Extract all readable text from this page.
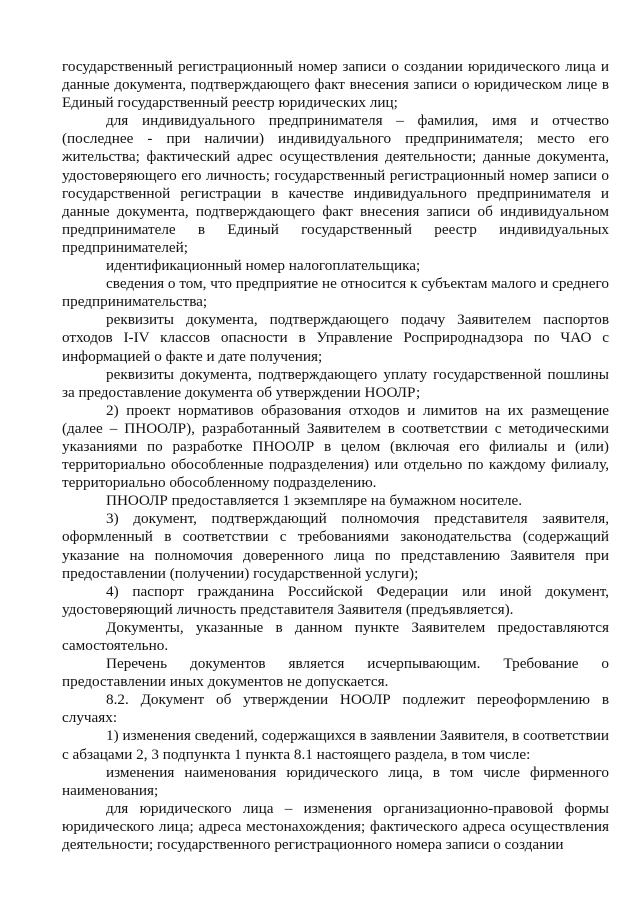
государственный регистрационный номер записи о создании юридического лица и данные документа, подтверждающего факт внесения записи о юридическом лице в Единый государственный реестр юридических лиц;

для индивидуального предпринимателя – фамилия, имя и отчество (последнее - при наличии) индивидуального предпринимателя; место его жительства; фактический адрес осуществления деятельности; данные документа, удостоверяющего его личность; государственный регистрационный номер записи о государственной регистрации в качестве индивидуального предпринимателя и данные документа, подтверждающего факт внесения записи об индивидуальном предпринимателе в Единый государственный реестр индивидуальных предпринимателей;

идентификационный номер налогоплательщика;

сведения о том, что предприятие не относится к субъектам малого и среднего предпринимательства;

реквизиты документа, подтверждающего подачу Заявителем паспортов отходов I-IV классов опасности в Управление Росприроднадзора по ЧАО с информацией о факте и дате получения;

реквизиты документа, подтверждающего уплату государственной пошлины за предоставление документа об утверждении НООЛР;

2) проект нормативов образования отходов и лимитов на их размещение (далее – ПНООЛР), разработанный Заявителем в соответствии с методическими указаниями по разработке ПНООЛР в целом (включая его филиалы и (или) территориально обособленные подразделения) или отдельно по каждому филиалу, территориально обособленному подразделению.

ПНООЛР предоставляется 1 экземпляре на бумажном носителе.

3) документ, подтверждающий полномочия представителя заявителя, оформленный в соответствии с требованиями законодательства (содержащий указание на полномочия доверенного лица по представлению Заявителя при предоставлении (получении) государственной услуги);

4) паспорт гражданина Российской Федерации или иной документ, удостоверяющий личность представителя Заявителя (предъявляется).

Документы, указанные в данном пункте Заявителем предоставляются самостоятельно.

Перечень документов является исчерпывающим. Требование о предоставлении иных документов не допускается.

8.2. Документ об утверждении НООЛР подлежит переоформлению в случаях:

1) изменения сведений, содержащихся в заявлении Заявителя, в соответствии с абзацами 2, 3 подпункта 1 пункта 8.1 настоящего раздела, в том числе:

изменения наименования юридического лица, в том числе фирменного наименования;

для юридического лица – изменения организационно-правовой формы юридического лица; адреса местонахождения; фактического адреса осуществления деятельности; государственного регистрационного номера записи о создании
